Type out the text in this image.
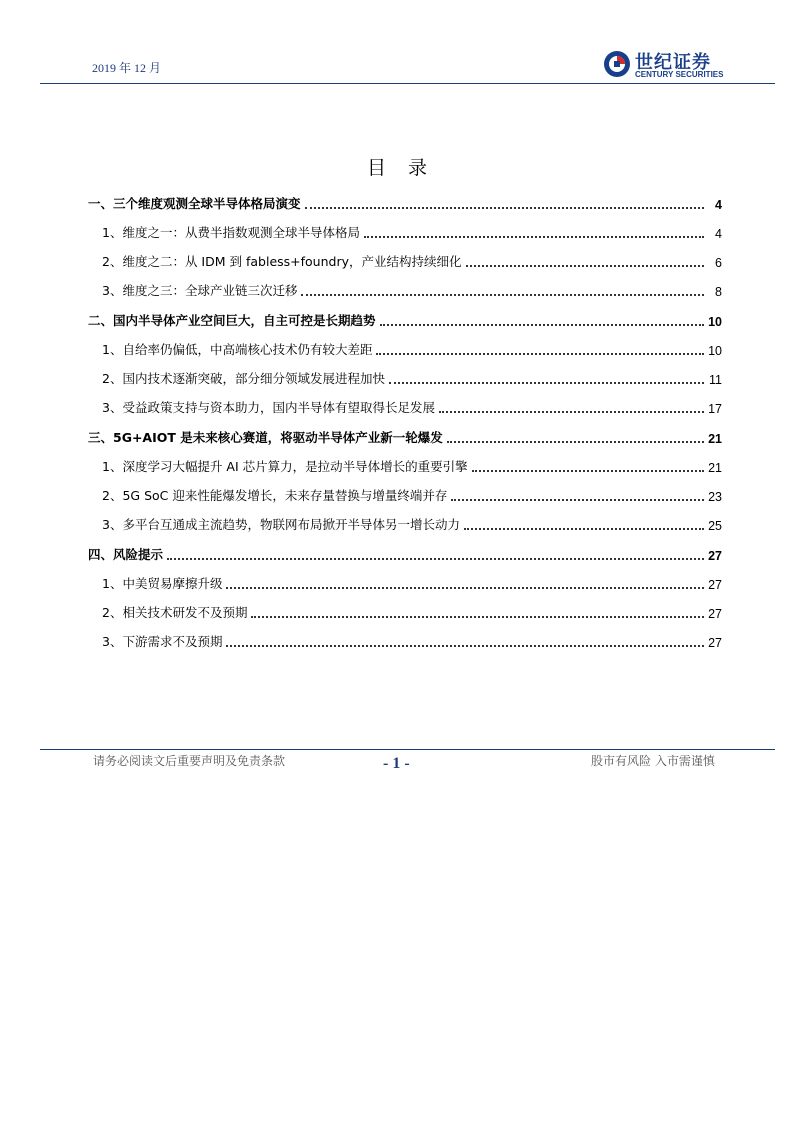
2019 年 12 月	世纪证券
CENTURY SECURITIES
目 录
一、三个维度观测全球半导体格局演变	4
1、维度之一：从费半指数观测全球半导体格局	4
2、维度之二：从 IDM 到 fabless+foundry，产业结构持续细化	6
3、维度之三：全球产业链三次迁移	8
二、国内半导体产业空间巨大，自主可控是长期趋势	10
1、自给率仍偏低，中高端核心技术仍有较大差距	10
2、国内技术逐渐突破，部分细分领域发展进程加快	11
3、受益政策支持与资本助力，国内半导体有望取得长足发展	17
三、5G+AIOT 是未来核心赛道，将驱动半导体产业新一轮爆发	21
1、深度学习大幅提升 AI 芯片算力，是拉动半导体增长的重要引擎	21
2、5G SoC 迎来性能爆发增长，未来存量替换与增量终端并存	23
3、多平台互通成主流趋势，物联网布局掀开半导体另一增长动力	25
四、风险提示	27
1、中美贸易摩擦升级	27
2、相关技术研发不及预期	27
3、下游需求不及预期	27
请务必阅读文后重要声明及免责条款	- 1 -	股市有风险 入市需谨慎
